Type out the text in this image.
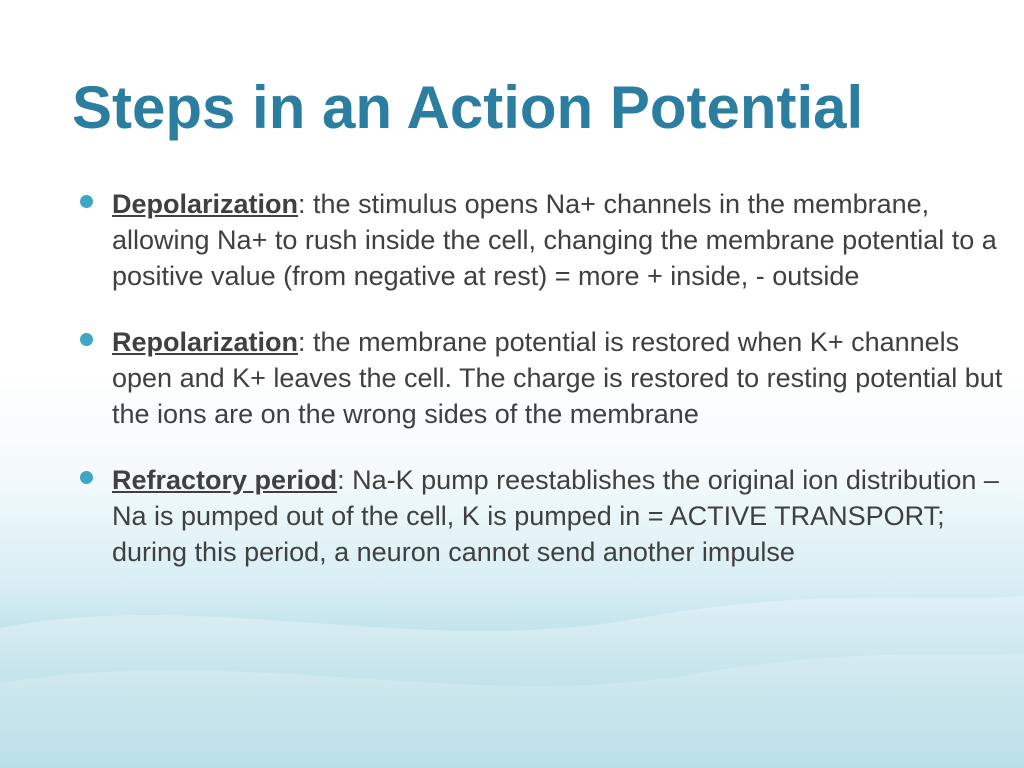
Steps in an Action Potential
Depolarization: the stimulus opens Na+ channels in the membrane, allowing Na+ to rush inside the cell, changing the membrane potential to a positive value (from negative at rest) = more + inside, - outside
Repolarization: the membrane potential is restored when K+ channels open and K+ leaves the cell. The charge is restored to resting potential but the ions are on the wrong sides of the membrane
Refractory period: Na-K pump reestablishes the original ion distribution – Na is pumped out of the cell, K is pumped in = ACTIVE TRANSPORT; during this period, a neuron cannot send another impulse
